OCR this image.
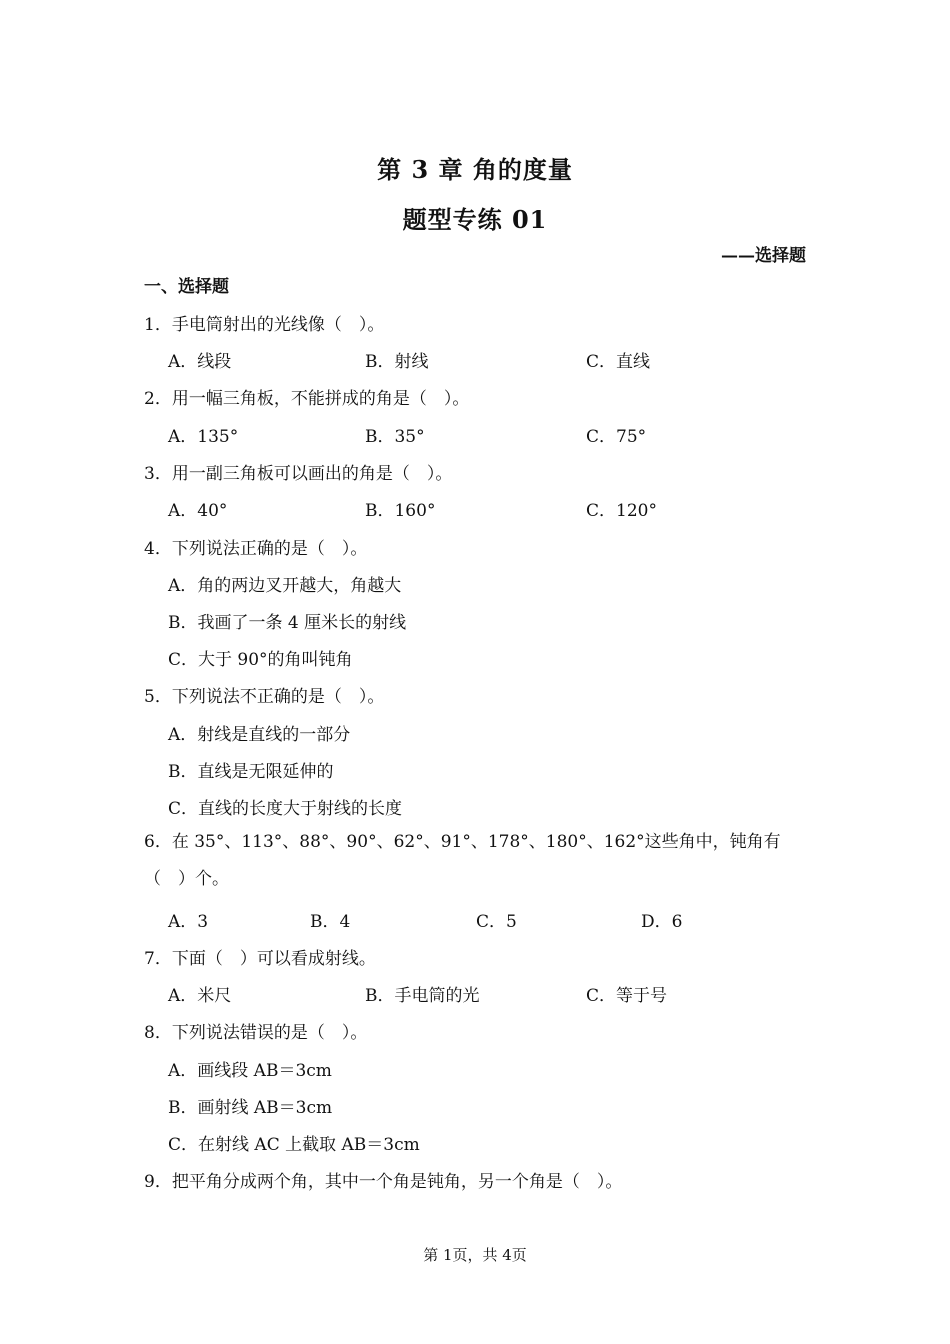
第 3 章 角的度量
题型专练 01
——选择题
一、选择题
1．手电筒射出的光线像（　）。
A．线段	B．射线	C．直线
2．用一幅三角板，不能拼成的角是（　）。
A．135°	B．35°	C．75°
3．用一副三角板可以画出的角是（　）。
A．40°	B．160°	C．120°
4．下列说法正确的是（　）。
A．角的两边叉开越大，角越大
B．我画了一条 4 厘米长的射线
C．大于 90°的角叫钝角
5．下列说法不正确的是（　）。
A．射线是直线的一部分
B．直线是无限延伸的
C．直线的长度大于射线的长度
6．在 35°、113°、88°、90°、62°、91°、178°、180°、162°这些角中，钝角有（　）个。
A．3	B．4	C．5	D．6
7．下面（　）可以看成射线。
A．米尺	B．手电筒的光	C．等于号
8．下列说法错误的是（　）。
A．画线段 AB＝3cm
B．画射线 AB＝3cm
C．在射线 AC 上截取 AB＝3cm
9．把平角分成两个角，其中一个角是钝角，另一个角是（　）。
第 1页，共 4页
